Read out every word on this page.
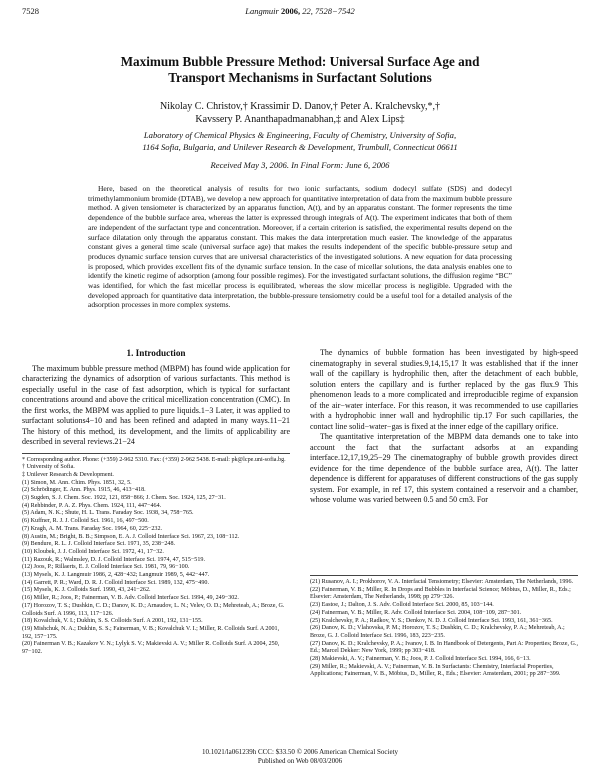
7528	Langmuir 2006, 22, 7528−7542
Maximum Bubble Pressure Method: Universal Surface Age and
Transport Mechanisms in Surfactant Solutions
Nikolay C. Christov,† Krassimir D. Danov,† Peter A. Kralchevsky,*,†
Kavssery P. Ananthapadmanabhan,‡ and Alex Lips‡
Laboratory of Chemical Physics & Engineering, Faculty of Chemistry, University of Sofia,
1164 Sofia, Bulgaria, and Unilever Research & Development, Trumbull, Connecticut 06611
Received May 3, 2006. In Final Form: June 6, 2006

Here, based on the theoretical analysis of results for two ionic surfactants, sodium dodecyl sulfate (SDS) and dodecyl trimethylammonium bromide (DTAB), we develop a new approach for quantitative interpretation of data from the maximum bubble pressure method. A given tensiometer is characterized by an apparatus function, A(t), and by an apparatus constant. The former represents the time dependence of the bubble surface area, whereas the latter is expressed through integrals of A(t). The experiment indicates that both of them are independent of the surfactant type and concentration. Moreover, if a certain criterion is satisfied, the experimental results depend on the surface dilatation only through the apparatus constant. This makes the data interpretation much easier. The knowledge of the apparatus constant gives a general time scale (universal surface age) that makes the results independent of the specific bubble-pressure setup and produces dynamic surface tension curves that are universal characteristics of the investigated solutions. A new equation for data processing is proposed, which provides excellent fits of the dynamic surface tension. In the case of micellar solutions, the data analysis enables one to identify the kinetic regime of adsorption (among four possible regimes). For the investigated surfactant solutions, the diffusion regime “BC” was identified, for which the fast micellar process is equilibrated, whereas the slow micellar process is negligible. Upgraded with the developed approach for quantitative data interpretation, the bubble-pressure tensiometry could be a useful tool for a detailed analysis of the adsorption processes in more complex systems.

1. Introduction

The maximum bubble pressure method (MBPM) has found wide application for characterizing the dynamics of adsorption of various surfactants. This method is especially useful in the case of fast adsorption, which is typical for surfactant concentrations around and above the critical micellization concentration (CMC). In the first works, the MBPM was applied to pure liquids.1−3 Later, it was applied to surfactant solutions4−10 and has been refined and adapted in many ways.11−21 The history of this method, its development, and the limits of applicability are described in several reviews.21−24

* Corresponding author. Phone: (+359) 2-962 5310. Fax: (+359) 2-962 5438. E-mail: pk@lcpe.uni-sofia.bg.
† University of Sofia.
‡ Unilever Research & Development.
(1) Simon, M. Ann. Chim. Phys. 1851, 32, 5.
(2) Schrödinger, E. Ann. Phys. 1915, 46, 413−418.
(3) Sugden, S. J. Chem. Soc. 1922, 121, 858−866; J. Chem. Soc. 1924, 125, 27−31.
(4) Rehbinder, P. A. Z. Phys. Chem. 1924, 111, 447−464.
(5) Adam, N. K.; Shute, H. L. Trans. Faraday Soc. 1938, 34, 758−765.
(6) Kuffner, R. J. J. Colloid Sci. 1961, 16, 497−500.
(7) Kragh, A. M. Trans. Faraday Soc. 1964, 60, 225−232.
(8) Austin, M.; Bright, B. B.; Simpson, E. A. J. Colloid Interface Sci. 1967, 23, 108−112.
(9) Bendure, R. L. J. Colloid Interface Sci. 1971, 35, 238−248.
(10) Kloubek, J. J. Colloid Interface Sci. 1972, 41, 17−32.
(11) Razouk, R.; Walmsley, D. J. Colloid Interface Sci. 1974, 47, 515−519.
(12) Joos, P.; Rillaerts, E. J. Colloid Interface Sci. 1981, 79, 96−100.
(13) Mysels, K. J. Langmuir 1986, 2, 428−432; Langmuir 1989, 5, 442−447.
(14) Garrett, P. R.; Ward, D. R. J. Colloid Interface Sci. 1989, 132, 475−490.
(15) Mysels, K. J. Colloids Surf. 1990, 43, 241−262.
(16) Miller, R.; Joos, P.; Fainerman, V. B. Adv. Colloid Interface Sci. 1994, 49, 249−302.
(17) Horozov, T. S.; Dushkin, C. D.; Danov, K. D.; Arnaudov, L. N.; Velev, O. D.; Mehreteab, A.; Broze, G. Colloids Surf. A 1996, 113, 117−126.
(18) Kovalchuk, V. I.; Dukhin, S. S. Colloids Surf. A 2001, 192, 131−155.
(19) Mishchuk, N. A.; Dukhin, S. S.; Fainerman, V. B.; Kovalchuk V. I.; Miller, R. Colloids Surf. A 2001, 192, 157−175.
(20) Fainerman V. B.; Kazakov V. N.; Lylyk S. V.; Makievski A. V.; Miller R. Colloids Surf. A 2004, 250, 97−102.

The dynamics of bubble formation has been investigated by high-speed cinematography in several studies.9,14,15,17 It was established that if the inner wall of the capillary is hydrophilic then, after the detachment of each bubble, solution enters the capillary and is further replaced by the gas flux.9 This phenomenon leads to a more complicated and irreproducible regime of expansion of the air−water interface. For this reason, it was recommended to use capillaries with a hydrophobic inner wall and hydrophilic tip.17 For such capillaries, the contact line solid−water−gas is fixed at the inner edge of the capillary orifice.

The quantitative interpretation of the MBPM data demands one to take into account the fact that the surfactant adsorbs at an expanding interface.12,17,19,25−29 The cinematography of bubble growth provides direct evidence for the time dependence of the bubble surface area, A(t). The latter dependence is different for apparatuses of different constructions of the gas supply system. For example, in ref 17, this system contained a reservoir and a chamber, whose volume was varied between 0.5 and 50 cm3. For

(21) Rusanov, A. I.; Prokhorov, V. A. Interfacial Tensiometry; Elsevier: Amsterdam, The Netherlands, 1996.
(22) Fainerman, V. B.; Miller, R. In Drops and Bubbles in Interfacial Science; Möbius, D., Miller, R., Eds.; Elsevier: Amsterdam, The Netherlands, 1998; pp 279−326.
(23) Eastoe, J.; Dalton, J. S. Adv. Colloid Interface Sci. 2000, 85, 103−144.
(24) Fainerman, V. B.; Miller, R. Adv. Colloid Interface Sci. 2004, 108−109, 287−301.
(25) Kralchevsky, P. A.; Radkov, Y. S.; Denkov, N. D. J. Colloid Interface Sci. 1993, 161, 361−365.
(26) Danov, K. D.; Vlahovska, P. M.; Horozov, T. S.; Dushkin, C. D.; Kralchevsky, P. A.; Mehreteab, A.; Broze, G. J. Colloid Interface Sci. 1996, 183, 223−235.
(27) Danov, K. D.; Kralchevsky, P. A.; Ivanov, I. B. In Handbook of Detergents, Part A: Properties; Broze, G., Ed.; Marcel Dekker: New York, 1999; pp 303−418.
(28) Makievski, A. V.; Fainerman, V. B.; Joos, P. J. Colloid Interface Sci. 1994, 166, 6−13.
(29) Miller, R.; Makievski, A. V.; Fainerman, V. B. In Surfactants: Chemistry, Interfacial Properties, Applications; Fainerman, V. B., Möbius, D., Miller, R., Eds.; Elsevier: Amsterdam, 2001; pp 287−399.
10.1021/la061239h CCC: $33.50 © 2006 American Chemical Society
Published on Web 08/03/2006
